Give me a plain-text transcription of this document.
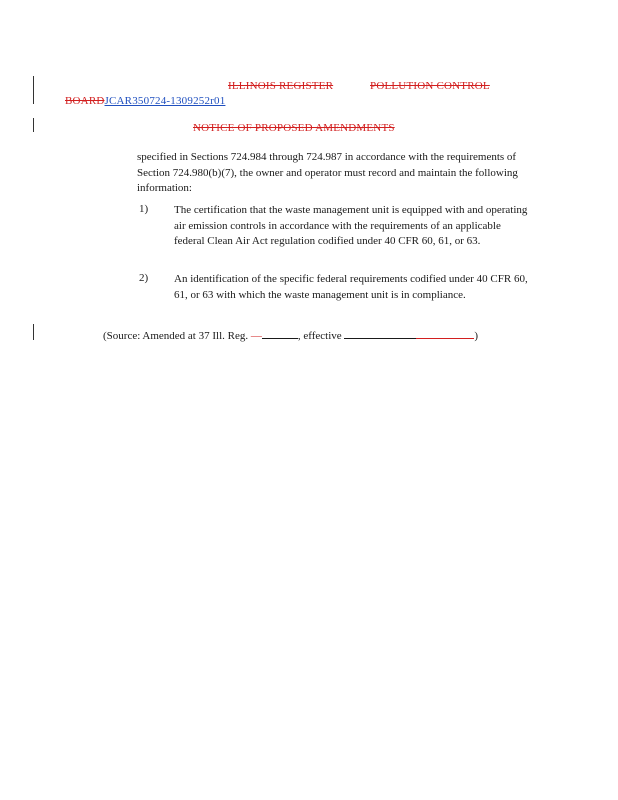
ILLINOIS REGISTER	POLLUTION CONTROL
BOARDJCAR350724-1309252r01
NOTICE OF PROPOSED AMENDMENTS
specified in Sections 724.984 through 724.987 in accordance with the requirements of Section 724.980(b)(7), the owner and operator must record and maintain the following information:
1) The certification that the waste management unit is equipped with and operating air emission controls in accordance with the requirements of an applicable federal Clean Air Act regulation codified under 40 CFR 60, 61, or 63.
2) An identification of the specific federal requirements codified under 40 CFR 60, 61, or 63 with which the waste management unit is in compliance.
(Source: Amended at 37 Ill. Reg. —	, effective	)
